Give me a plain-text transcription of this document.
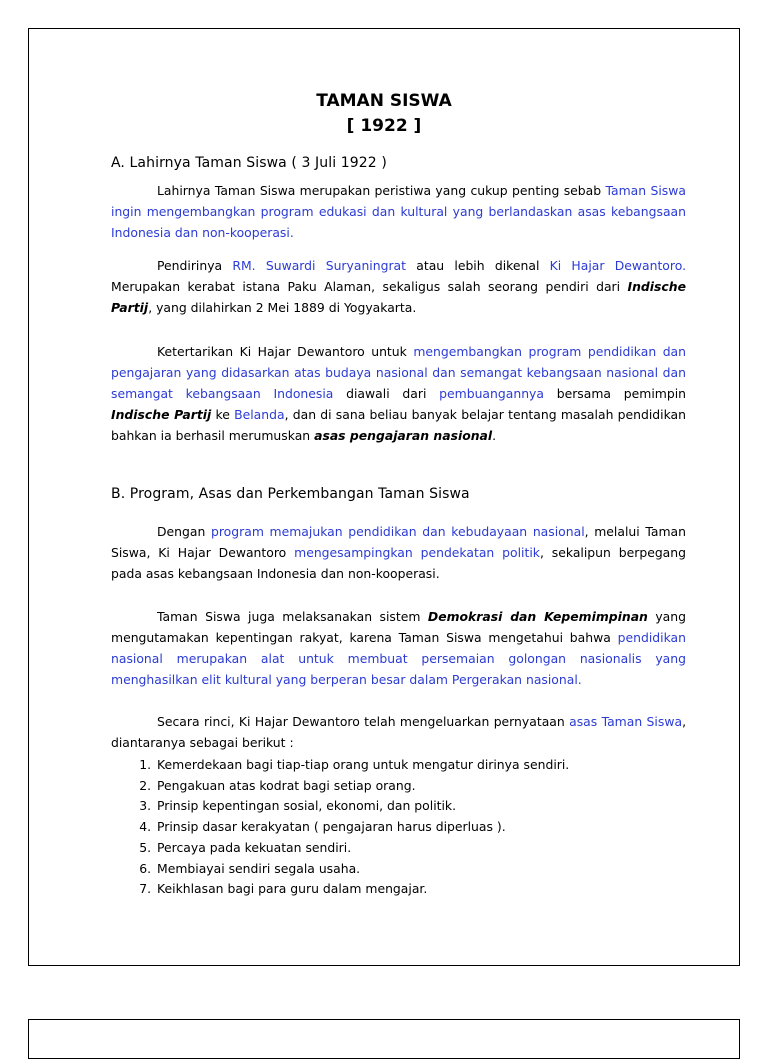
TAMAN SISWA
[ 1922 ]
A. Lahirnya Taman Siswa ( 3 Juli 1922 )

Lahirnya Taman Siswa merupakan peristiwa yang cukup penting sebab Taman Siswa ingin mengembangkan program edukasi dan kultural yang berlandaskan asas kebangsaan Indonesia dan non-kooperasi.

Pendirinya RM. Suwardi Suryaningrat atau lebih dikenal Ki Hajar Dewantoro. Merupakan kerabat istana Paku Alaman, sekaligus salah seorang pendiri dari Indische Partij, yang dilahirkan 2 Mei 1889 di Yogyakarta.

Ketertarikan Ki Hajar Dewantoro untuk mengembangkan program pendidikan dan pengajaran yang didasarkan atas budaya nasional dan semangat kebangsaan nasional dan semangat kebangsaan Indonesia diawali dari pembuangannya bersama pemimpin Indische Partij ke Belanda, dan di sana beliau banyak belajar tentang masalah pendidikan bahkan ia berhasil merumuskan asas pengajaran nasional.

B. Program, Asas dan Perkembangan Taman Siswa

Dengan program memajukan pendidikan dan kebudayaan nasional, melalui Taman Siswa, Ki Hajar Dewantoro mengesampingkan pendekatan politik, sekalipun berpegang pada asas kebangsaan Indonesia dan non-kooperasi.

Taman Siswa juga melaksanakan sistem Demokrasi dan Kepemimpinan yang mengutamakan kepentingan rakyat, karena Taman Siswa mengetahui bahwa pendidikan nasional merupakan alat untuk membuat persemaian golongan nasionalis yang menghasilkan elit kultural yang berperan besar dalam Pergerakan nasional.

Secara rinci, Ki Hajar Dewantoro telah mengeluarkan pernyataan asas Taman Siswa, diantaranya sebagai berikut :

1. Kemerdekaan bagi tiap-tiap orang untuk mengatur dirinya sendiri.
2. Pengakuan atas kodrat bagi setiap orang.
3. Prinsip kepentingan sosial, ekonomi, dan politik.
4. Prinsip dasar kerakyatan ( pengajaran harus diperluas ).
5. Percaya pada kekuatan sendiri.
6. Membiayai sendiri segala usaha.
7. Keikhlasan bagi para guru dalam mengajar.
